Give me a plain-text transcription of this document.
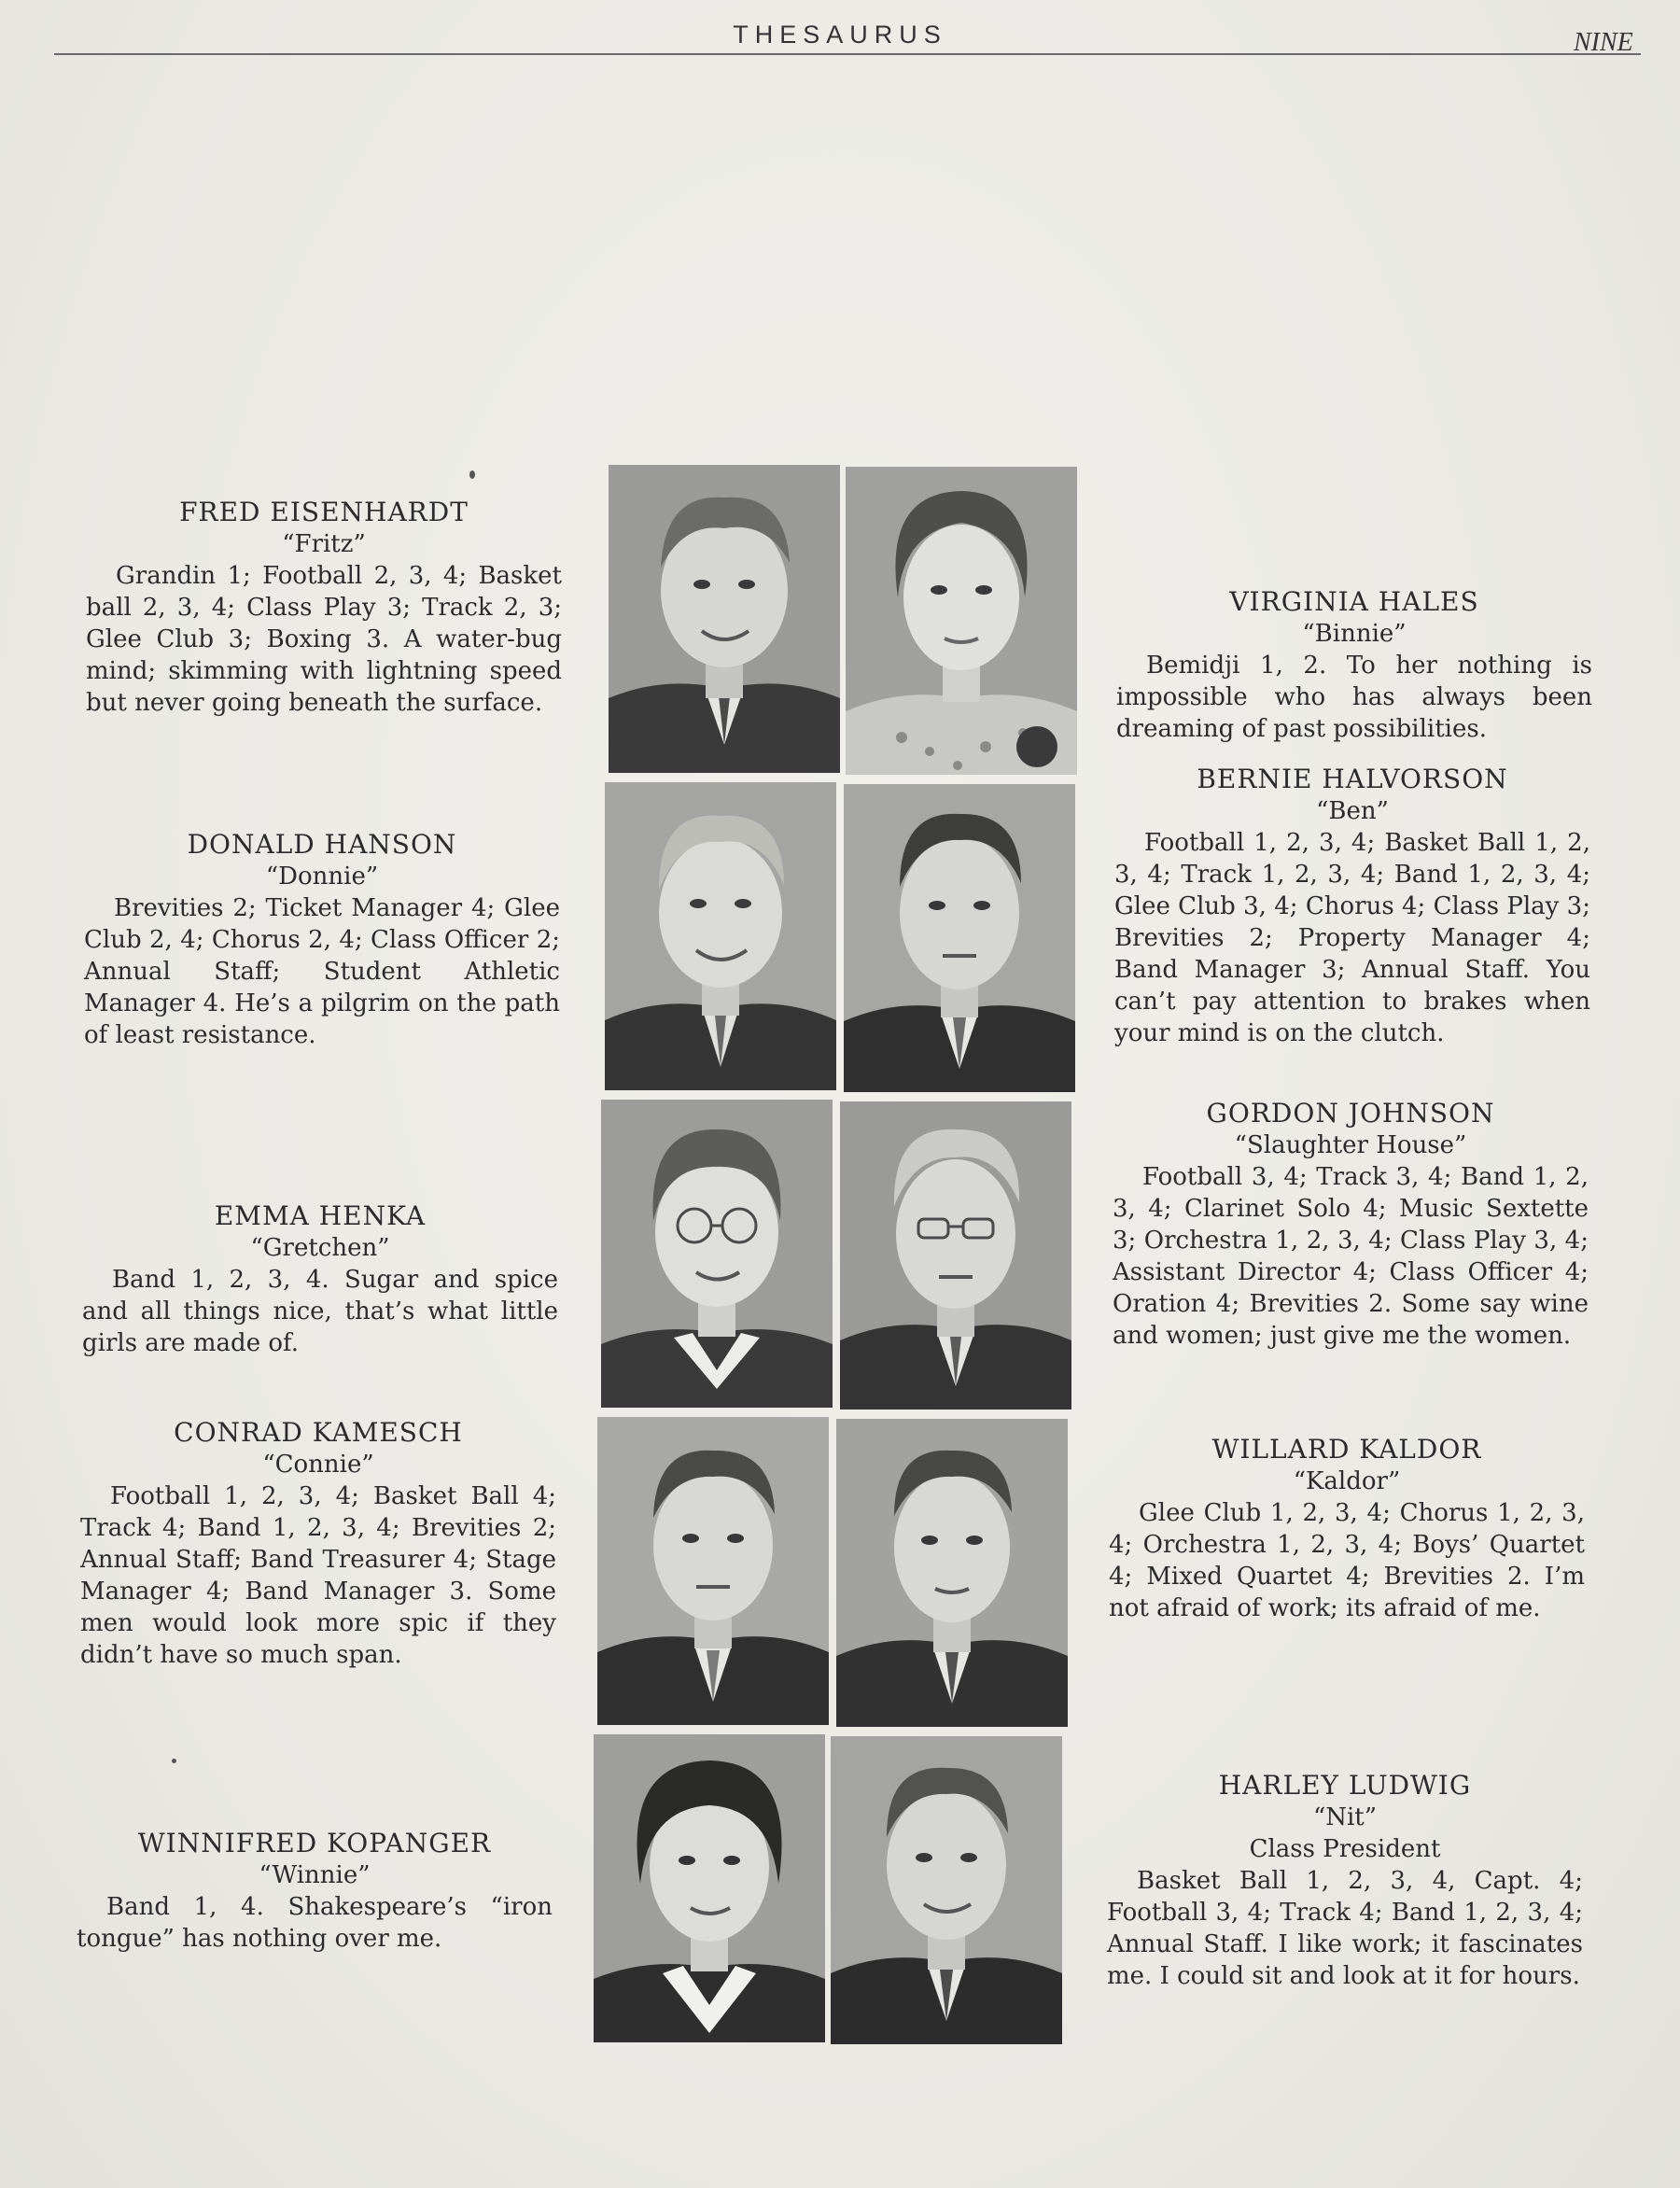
THESAURUS	NINE
FRED EISENHARDT
“Fritz”
Grandin 1; Football 2, 3, 4; Basket ball 2, 3, 4; Class Play 3; Track 2, 3; Glee Club 3; Boxing 3. A water-bug mind; skimming with lightning speed but never going beneath the surface.
DONALD HANSON
“Donnie”
Brevities 2; Ticket Manager 4; Glee Club 2, 4; Chorus 2, 4; Class Officer 2; Annual Staff; Student Athletic Manager 4. He’s a pilgrim on the path of least resistance.
EMMA HENKA
“Gretchen”
Band 1, 2, 3, 4. Sugar and spice and all things nice, that’s what little girls are made of.
CONRAD KAMESCH
“Connie”
Football 1, 2, 3, 4; Basket Ball 4; Track 4; Band 1, 2, 3, 4; Brevities 2; Annual Staff; Band Treasurer 4; Stage Manager 4; Band Manager 3. Some men would look more spic if they didn’t have so much span.
WINNIFRED KOPANGER
“Winnie”
Band 1, 4. Shakespeare’s “iron tongue” has nothing over me.
VIRGINIA HALES
“Binnie”
Bemidji 1, 2. To her nothing is impossible who has always been dreaming of past possibilities.
BERNIE HALVORSON
“Ben”
Football 1, 2, 3, 4; Basket Ball 1, 2, 3, 4; Track 1, 2, 3, 4; Band 1, 2, 3, 4; Glee Club 3, 4; Chorus 4; Class Play 3; Brevities 2; Property Manager 4; Band Manager 3; Annual Staff. You can’t pay attention to brakes when your mind is on the clutch.
GORDON JOHNSON
“Slaughter House”
Football 3, 4; Track 3, 4; Band 1, 2, 3, 4; Clarinet Solo 4; Music Sextette 3; Orchestra 1, 2, 3, 4; Class Play 3, 4; Assistant Director 4; Class Officer 4; Oration 4; Brevities 2. Some say wine and women; just give me the women.
WILLARD KALDOR
“Kaldor”
Glee Club 1, 2, 3, 4; Chorus 1, 2, 3, 4; Orchestra 1, 2, 3, 4; Boys’ Quartet 4; Mixed Quartet 4; Brevities 2. I’m not afraid of work; its afraid of me.
HARLEY LUDWIG
“Nit”
Class President
Basket Ball 1, 2, 3, 4, Capt. 4; Football 3, 4; Track 4; Band 1, 2, 3, 4; Annual Staff. I like work; it fascinates me. I could sit and look at it for hours.
